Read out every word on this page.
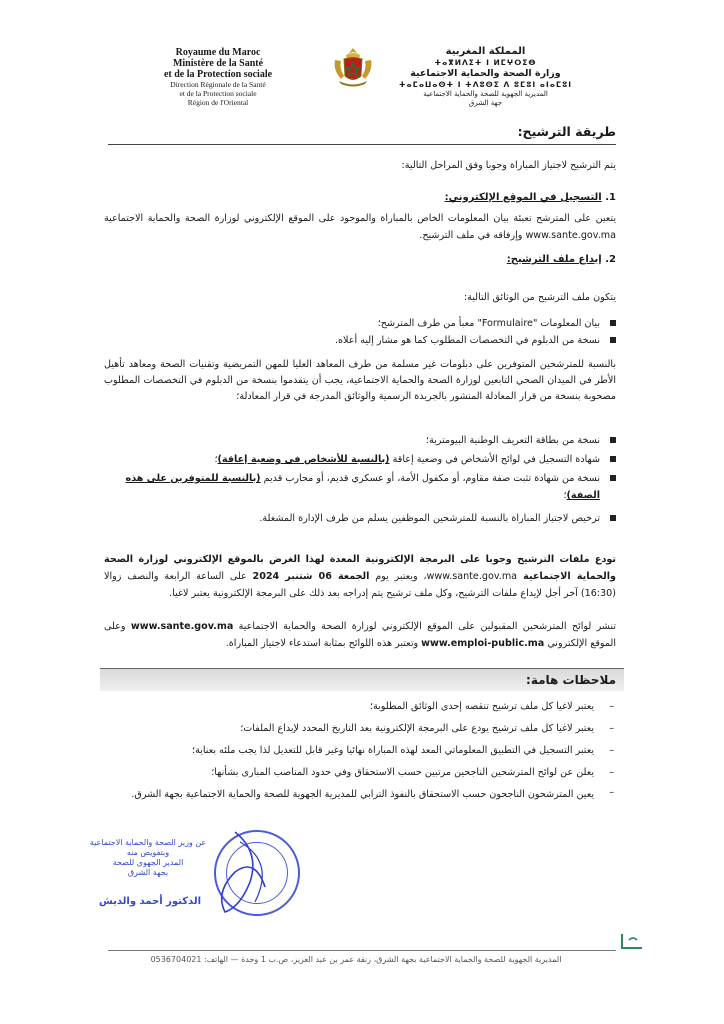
Royaume du Maroc
Ministère de la Santé
et de la Protection sociale
Direction Régionale de la Santé
et de la Protection sociale
Région de l'Oriental
المملكة المغربية
ⵜⴰⴳⵍⴷⵉⵜ ⵏ ⵍⵎⵖⵔⵉⴱ
وزارة الصحة والحماية الاجتماعية
ⵜⴰⵎⴰⵡⴰⵙⵜ ⵏ ⵜⴷⵓⵙⵉ ⴷ ⵓⵎⵓⵏ ⴰⵏⴰⵎⵓⵏ
المديرية الجهوية للصحة والحماية الاجتماعية
جهة الشرق
طريقة الترشيح:
يتم الترشيح لاجتياز المباراة وجوبا وفق المراحل التالية:
1. التسجيل في الموقع الإلكتروني:
يتعين على المترشح تعبئة بيان المعلومات الخاص بالمباراة والموجود على الموقع الإلكتروني لوزارة الصحة والحماية الاجتماعية www.sante.gov.ma وإرفاقه في ملف الترشيح.
2. إيداع ملف الترشيح:
يتكون ملف الترشيح من الوثائق التالية:
بيان المعلومات "Formulaire" معبأ من طرف المترشح؛
نسخة من الدبلوم في التخصصات المطلوب كما هو مشار إليه أعلاه.
بالنسبة للمترشحين المتوفرين على دبلومات غير مسلمة من طرف المعاهد العليا للمهن التمريضية وتقنيات الصحة ومعاهد تأهيل الأطر في الميدان الصحي التابعين لوزارة الصحة والحماية الاجتماعية، يجب أن يتقدموا بنسخة من الدبلوم في التخصصات المطلوب مصحوبة بنسخة من قرار المعادلة المنشور بالجريدة الرسمية والوثائق المدرجة في قرار المعادلة؛
نسخة من بطاقة التعريف الوطنية البيومترية؛
شهادة التسجيل في لوائح الأشخاص في وضعية إعاقة (بالنسبة للأشخاص في وضعية إعاقة)؛
نسخة من شهادة تثبت صفة مقاوم، أو مكفول الأمة، أو عسكري قديم، أو محارب قديم (بالنسبة للمتوفرين على هذه الصفة)؛
ترخيص لاجتياز المباراة بالنسبة للمترشحين الموظفين يسلم من طرف الإدارة المشغلة.
تودع ملفات الترشيح وجوبا على البرمجة الإلكترونية المعدة لهذا الغرض بالموقع الإلكتروني لوزارة الصحة والحماية الاجتماعية www.sante.gov.ma، ويعتبر يوم الجمعة 06 شتنبر 2024 على الساعة الرابعة والنصف زوالا (16:30) آخر أجل لإيداع ملفات الترشيح، وكل ملف ترشيح يتم إدراجه بعد ذلك على البرمجة الإلكترونية يعتبر لاغيا.
تنشر لوائح المترشحين المقبولين على الموقع الإلكتروني لوزارة الصحة والحماية الاجتماعية www.sante.gov.ma وعلى الموقع الإلكتروني www.emploi-public.ma وتعتبر هذه اللوائح بمثابة استدعاء لاجتياز المباراة.
ملاحظات هامة:
–
يعتبر لاغيا كل ملف ترشيح تنقصه إحدى الوثائق المطلوبة؛
–
يعتبر لاغيا كل ملف ترشيح يودع على البرمجة الإلكترونية بعد التاريخ المحدد لإيداع الملفات؛
–
يعتبر التسجيل في التطبيق المعلوماتي المعد لهذه المباراة نهائيا وغير قابل للتعديل لذا يجب ملئه بعناية؛
–
يعلن عن لوائح المترشحين الناجحين مرتبين حسب الاستحقاق وفي حدود المناصب المبارى بشأنها؛
–
يعين المترشحون الناجحون حسب الاستحقاق بالنفوذ الترابي للمديرية الجهوية للصحة والحماية الاجتماعية بجهة الشرق.
عن وزير الصحة والحماية الاجتماعية
وبتفويض منه
المدير الجهوي للصحة
بجهة الشرق
الدكتور أحمد والديش
المديرية الجهوية للصحة والحماية الاجتماعية بجهة الشرق، زنقة عمر بن عبد العزيز، ص.ب 1 وجدة — الهاتف: 0536704021
